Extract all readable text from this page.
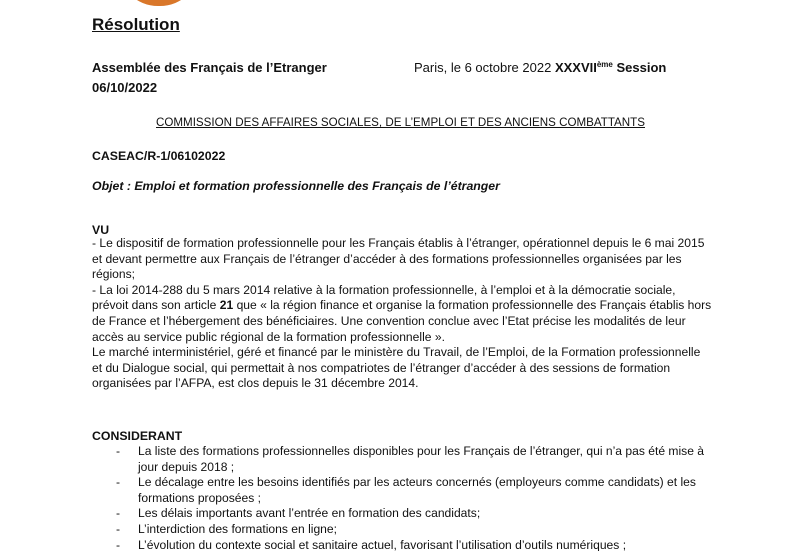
Résolution
Assemblée des Français de l’Etranger
06/10/2022
Paris, le 6 octobre 2022 XXXVIIème Session
COMMISSION DES AFFAIRES SOCIALES, DE L’EMPLOI ET DES ANCIENS COMBATTANTS
CASEAC/R-1/06102022
Objet : Emploi et formation professionnelle des Français de l’étranger
VU

- Le dispositif de formation professionnelle pour les Français établis à l’étranger, opérationnel depuis le 6 mai 2015 et devant permettre aux Français de l’étranger d’accéder à des formations professionnelles organisées par les régions;

- La loi 2014-288 du 5 mars 2014 relative à la formation professionnelle, à l’emploi et à la démocratie sociale, prévoit dans son article 21 que « la région finance et organise la formation professionnelle des Français établis hors de France et l’hébergement des bénéficiaires. Une convention conclue avec l’Etat précise les modalités de leur accès au service public régional de la formation professionnelle ».

Le marché interministériel, géré et financé par le ministère du Travail, de l’Emploi, de la Formation professionnelle et du Dialogue social, qui permettait à nos compatriotes de l’étranger d’accéder à des sessions de formation organisées par l’AFPA, est clos depuis le 31 décembre 2014.

CONSIDERANT
- La liste des formations professionnelles disponibles pour les Français de l’étranger, qui n’a pas été mise à jour depuis 2018 ;
- Le décalage entre les besoins identifiés par les acteurs concernés (employeurs comme candidats) et les formations proposées ;
- Les délais importants avant l’entrée en formation des candidats;
- L’interdiction des formations en ligne;
- L’évolution du contexte social et sanitaire actuel, favorisant l’utilisation d’outils numériques ;
